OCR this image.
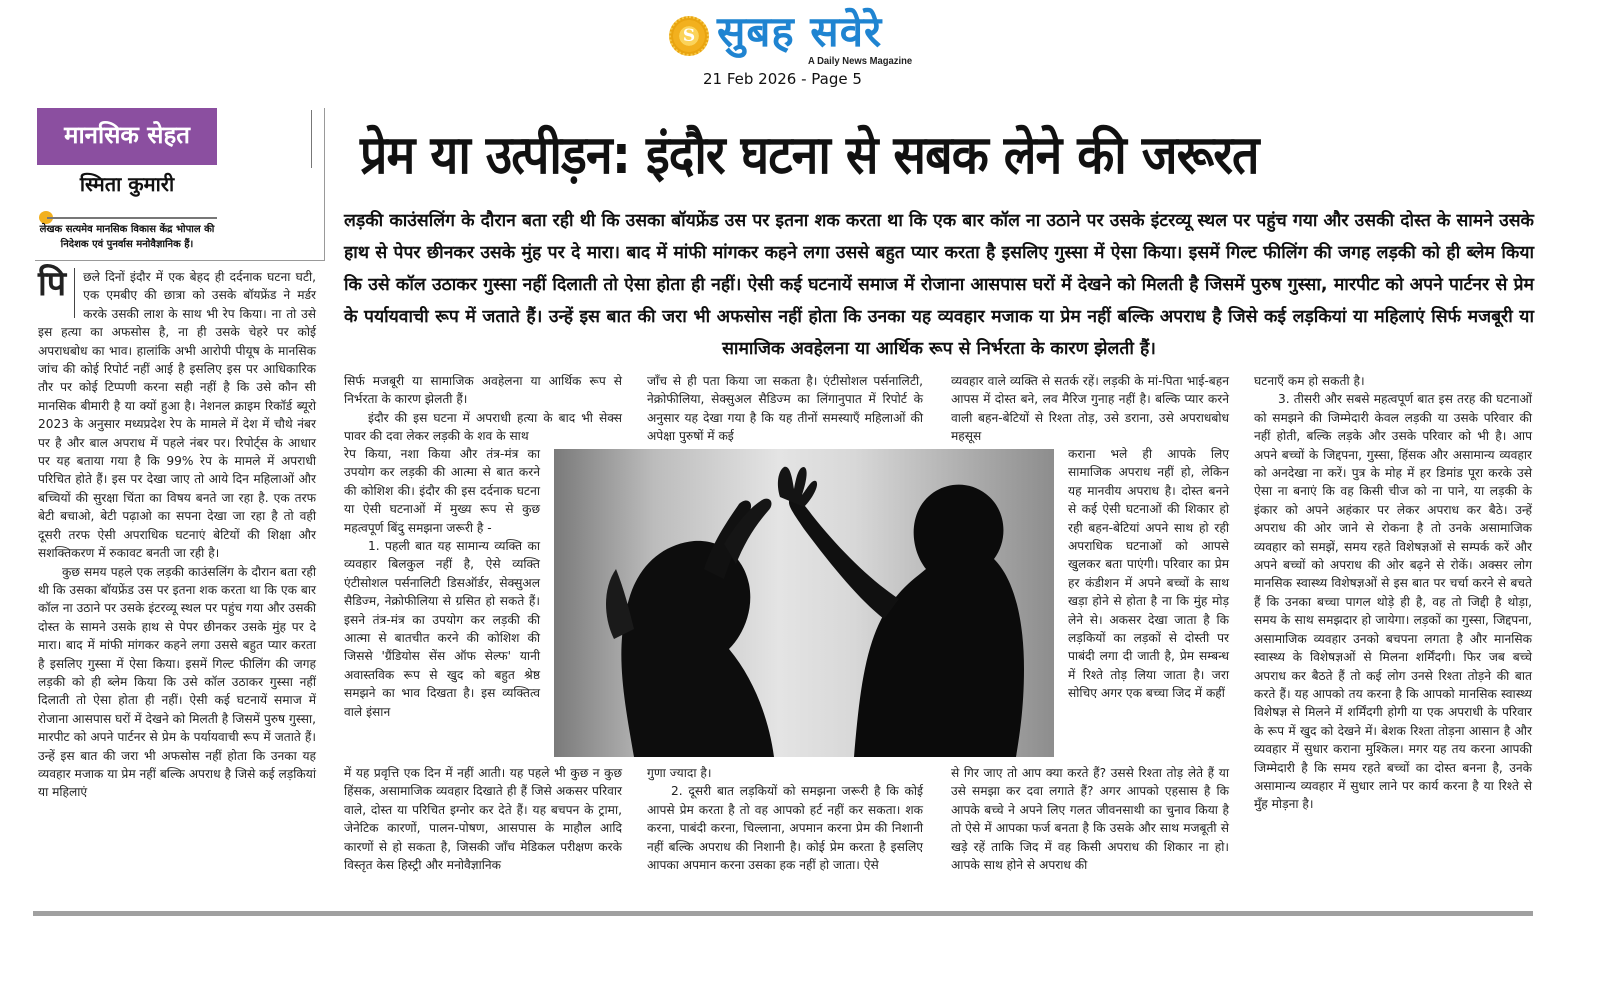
S सुबह सवेरे
A Daily News Magazine
21 Feb 2026 - Page 5
मानसिक सेहत
स्मिता कुमारी
लेखक सत्यमेव मानसिक विकास केंद्र भोपाल की निदेशक एवं पुनर्वास मनोवैज्ञानिक हैं।
प्रेम या उत्पीड़न: इंदौर घटना से सबक लेने की जरूरत

लड़की काउंसलिंग के दौरान बता रही थी कि उसका बॉयफ्रेंड उस पर इतना शक करता था कि एक बार कॉल ना उठाने पर उसके इंटरव्यू स्थल पर पहुंच गया और उसकी दोस्त के सामने उसके हाथ से पेपर छीनकर उसके मुंह पर दे मारा। बाद में मांफी मांगकर कहने लगा उससे बहुत प्यार करता है इसलिए गुस्सा में ऐसा किया। इसमें गिल्ट फीलिंग की जगह लड़की को ही ब्लेम किया कि उसे कॉल उठाकर गुस्सा नहीं दिलाती तो ऐसा होता ही नहीं। ऐसी कई घटनायें समाज में रोजाना आसपास घरों में देखने को मिलती है जिसमें पुरुष गुस्सा, मारपीट को अपने पार्टनर से प्रेम के पर्यायवाची रूप में जताते हैं। उन्हें इस बात की जरा भी अफसोस नहीं होता कि उनका यह व्यवहार मजाक या प्रेम नहीं बल्कि अपराध है जिसे कई लड़कियां या महिलाएं सिर्फ मजबूरी या सामाजिक अवहेलना या आर्थिक रूप से निर्भरता के कारण झेलती हैं।

पि	छले दिनों इंदौर में एक बेहद ही दर्दनाक घटना घटी, एक एमबीए की छात्रा को उसके बॉयफ्रेंड ने मर्डर करके उसकी लाश के साथ भी रेप किया। ना तो उसे इस हत्या का अफसोस है, ना ही उसके चेहरे पर कोई अपराधबोध का भाव। हालांकि अभी आरोपी पीयूष के मानसिक जांच की कोई रिपोर्ट नहीं आई है इसलिए इस पर आधिकारिक तौर पर कोई टिप्पणी करना सही नहीं है कि उसे कौन सी मानसिक बीमारी है या क्यों हुआ है। नेशनल क्राइम रिकॉर्ड ब्यूरो 2023 के अनुसार मध्यप्रदेश रेप के मामले में देश में चौथे नंबर पर है और बाल अपराध में पहले नंबर पर। रिपोर्ट्स के आधार पर यह बताया गया है कि 99% रेप के मामले में अपराधी परिचित होते हैं। इस पर देखा जाए तो आये दिन महिलाओं और बच्चियों की सुरक्षा चिंता का विषय बनते जा रहा है. एक तरफ बेटी बचाओ, बेटी पढ़ाओ का सपना देखा जा रहा है तो वही दूसरी तरफ ऐसी अपराधिक घटनाएं बेटियों की शिक्षा और सशक्तिकरण में रुकावट बनती जा रही है।

कुछ समय पहले एक लड़की काउंसलिंग के दौरान बता रही थी कि उसका बॉयफ्रेंड उस पर इतना शक करता था कि एक बार कॉल ना उठाने पर उसके इंटरव्यू स्थल पर पहुंच गया और उसकी दोस्त के सामने उसके हाथ से पेपर छीनकर उसके मुंह पर दे मारा। बाद में मांफी मांगकर कहने लगा उससे बहुत प्यार करता है इसलिए गुस्सा में ऐसा किया। इसमें गिल्ट फीलिंग की जगह लड़की को ही ब्लेम किया कि उसे कॉल उठाकर गुस्सा नहीं दिलाती तो ऐसा होता ही नहीं। ऐसी कई घटनायें समाज में रोजाना आसपास घरों में देखने को मिलती है जिसमें पुरुष गुस्सा, मारपीट को अपने पार्टनर से प्रेम के पर्यायवाची रूप में जताते हैं। उन्हें इस बात की जरा भी अफसोस नहीं होता कि उनका यह व्यवहार मजाक या प्रेम नहीं बल्कि अपराध है जिसे कई लड़कियां या महिलाएं

सिर्फ मजबूरी या सामाजिक अवहेलना या आर्थिक रूप से निर्भरता के कारण झेलती हैं।

इंदौर की इस घटना में अपराधी हत्या के बाद भी सेक्स पावर की दवा लेकर लड़की के शव के साथ

रेप किया, नशा किया और तंत्र-मंत्र का उपयोग कर लड़की की आत्मा से बात करने की कोशिश की। इंदौर की इस दर्दनाक घटना या ऐसी घटनाओं में मुख्य रूप से कुछ महत्वपूर्ण बिंदु समझना जरूरी है -

1. पहली बात यह सामान्य व्यक्ति का व्यवहार बिलकुल नहीं है, ऐसे व्यक्ति एंटीसोशल पर्सनालिटी डिसऑर्डर, सेक्सुअल सैडिज्म, नेक्रोफीलिया से ग्रसित हो सकते हैं। इसने तंत्र-मंत्र का उपयोग कर लड़की की आत्मा से बातचीत करने की कोशिश की जिससे 'ग्रैंडियोस सेंस ऑफ सेल्फ' यानी अवास्तविक रूप से खुद को बहुत श्रेष्ठ समझने का भाव दिखता है। इस व्यक्तित्व वाले इंसान

में यह प्रवृत्ति एक दिन में नहीं आती। यह पहले भी कुछ न कुछ हिंसक, असामाजिक व्यवहार दिखाते ही हैं जिसे अकसर परिवार वाले, दोस्त या परिचित इग्नोर कर देते हैं। यह बचपन के ट्रामा, जेनेटिक कारणों, पालन-पोषण, आसपास के माहौल आदि कारणों से हो सकता है, जिसकी जाँच मेडिकल परीक्षण करके विस्तृत केस हिस्ट्री और मनोवैज्ञानिक

जाँच से ही पता किया जा सकता है। एंटीसोशल पर्सनालिटी, नेक्रोफीलिया, सेक्सुअल सैडिज्म का लिंगानुपात में रिपोर्ट के अनुसार यह देखा गया है कि यह तीनों समस्याएँ महिलाओं की अपेक्षा पुरुषों में कई

गुणा ज्यादा है।

2. दूसरी बात लड़कियों को समझना जरूरी है कि कोई आपसे प्रेम करता है तो वह आपको हर्ट नहीं कर सकता। शक करना, पाबंदी करना, चिल्लाना, अपमान करना प्रेम की निशानी नहीं बल्कि अपराध की निशानी है। कोई प्रेम करता है इसलिए आपका अपमान करना उसका हक नहीं हो जाता। ऐसे

व्यवहार वाले व्यक्ति से सतर्क रहें। लड़की के मां-पिता भाई-बहन आपस में दोस्त बने, लव मैरिज गुनाह नहीं है। बल्कि प्यार करने वाली बहन-बेटियों से रिश्ता तोड़, उसे डराना, उसे अपराधबोध महसूस

कराना भले ही आपके लिए सामाजिक अपराध नहीं हो, लेकिन यह मानवीय अपराध है। दोस्त बनने से कई ऐसी घटनाओं की शिकार हो रही बहन-बेटियां अपने साथ हो रही अपराधिक घटनाओं को आपसे खुलकर बता पाएंगी। परिवार का प्रेम हर कंडीशन में अपने बच्चों के साथ खड़ा होने से होता है ना कि मुंह मोड़ लेने से। अकसर देखा जाता है कि लड़कियों का लड़कों से दोस्ती पर पाबंदी लगा दी जाती है, प्रेम सम्बन्ध में रिश्ते तोड़ लिया जाता है। जरा सोचिए अगर एक बच्चा जिद में कहीं

से गिर जाए तो आप क्या करते हैं? उससे रिश्ता तोड़ लेते हैं या उसे समझा कर दवा लगाते हैं? अगर आपको एहसास है कि आपके बच्चे ने अपने लिए गलत जीवनसाथी का चुनाव किया है तो ऐसे में आपका फर्ज बनता है कि उसके और साथ मजबूती से खड़े रहें ताकि जिद में वह किसी अपराध की शिकार ना हो। आपके साथ होने से अपराध की

घटनाएँ कम हो सकती है।

3. तीसरी और सबसे महत्वपूर्ण बात इस तरह की घटनाओं को समझने की जिम्मेदारी केवल लड़की या उसके परिवार की नहीं होती, बल्कि लड़के और उसके परिवार को भी है। आप अपने बच्चों के जिद्दपना, गुस्सा, हिंसक और असामान्य व्यवहार को अनदेखा ना करें। पुत्र के मोह में हर डिमांड पूरा करके उसे ऐसा ना बनाएं कि वह किसी चीज को ना पाने, या लड़की के इंकार को अपने अहंकार पर लेकर अपराध कर बैठे। उन्हें अपराध की ओर जाने से रोकना है तो उनके असामाजिक व्यवहार को समझें, समय रहते विशेषज्ञओं से सम्पर्क करें और अपने बच्चों को अपराध की ओर बढ़ने से रोकें। अक्सर लोग मानसिक स्वास्थ्य विशेषज्ञओं से इस बात पर चर्चा करने से बचते हैं कि उनका बच्चा पागल थोड़े ही है, वह तो जिद्दी है थोड़ा, समय के साथ समझदार हो जायेगा। लड़कों का गुस्सा, जिद्दपना, असामाजिक व्यवहार उनको बचपना लगता है और मानसिक स्वास्थ्य के विशेषज्ञओं से मिलना शर्मिंदगी। फिर जब बच्चे अपराध कर बैठते हैं तो कई लोग उनसे रिश्ता तोड़ने की बात करते हैं। यह आपको तय करना है कि आपको मानसिक स्वास्थ्य विशेषज्ञ से मिलने में शर्मिंदगी होगी या एक अपराधी के परिवार के रूप में खुद को देखने में। बेशक रिश्ता तोड़ना आसान है और व्यवहार में सुधार कराना मुश्किल। मगर यह तय करना आपकी जिम्मेदारी है कि समय रहते बच्चों का दोस्त बनना है, उनके असामान्य व्यवहार में सुधार लाने पर कार्य करना है या रिश्ते से मुँह मोड़ना है।
